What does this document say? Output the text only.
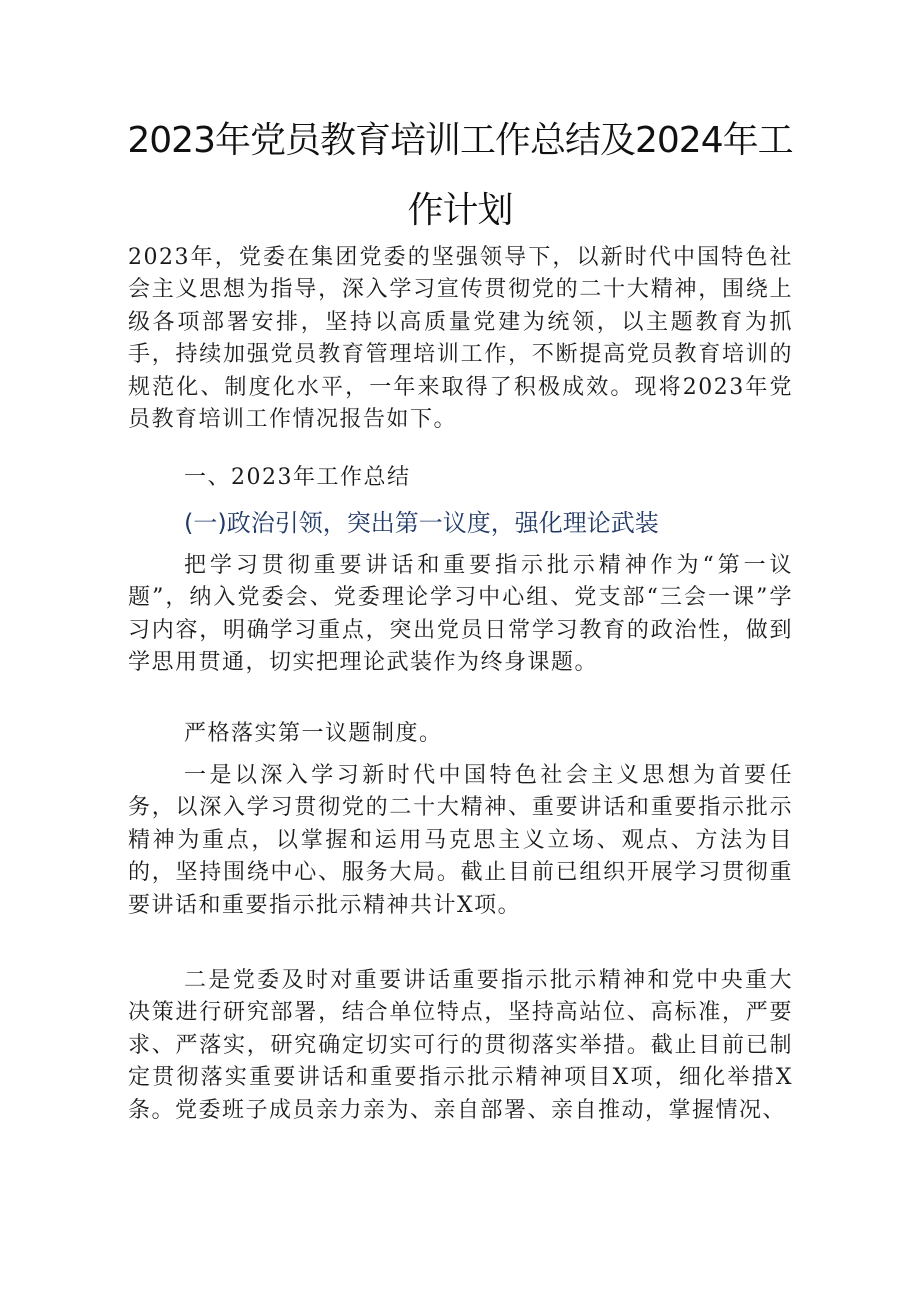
2023年党员教育培训工作总结及2024年工
作计划
2023年，党委在集团党委的坚强领导下，以新时代中国特色社会主义思想为指导，深入学习宣传贯彻党的二十大精神，围绕上级各项部署安排，坚持以高质量党建为统领，以主题教育为抓手，持续加强党员教育管理培训工作，不断提高党员教育培训的规范化、制度化水平，一年来取得了积极成效。现将2023年党员教育培训工作情况报告如下。
一、2023年工作总结
(一)政治引领，突出第一议度，强化理论武装
把学习贯彻重要讲话和重要指示批示精神作为“第一议题”，纳入党委会、党委理论学习中心组、党支部“三会一课”学习内容，明确学习重点，突出党员日常学习教育的政治性，做到学思用贯通，切实把理论武装作为终身课题。
严格落实第一议题制度。
一是以深入学习新时代中国特色社会主义思想为首要任务，以深入学习贯彻党的二十大精神、重要讲话和重要指示批示精神为重点，以掌握和运用马克思主义立场、观点、方法为目的，坚持围绕中心、服务大局。截止目前已组织开展学习贯彻重要讲话和重要指示批示精神共计X项。
二是党委及时对重要讲话重要指示批示精神和党中央重大决策进行研究部署，结合单位特点，坚持高站位、高标准，严要求、严落实，研究确定切实可行的贯彻落实举措。截止目前已制定贯彻落实重要讲话和重要指示批示精神项目X项，细化举措X条。党委班子成员亲力亲为、亲自部署、亲自推动，掌握情况、
